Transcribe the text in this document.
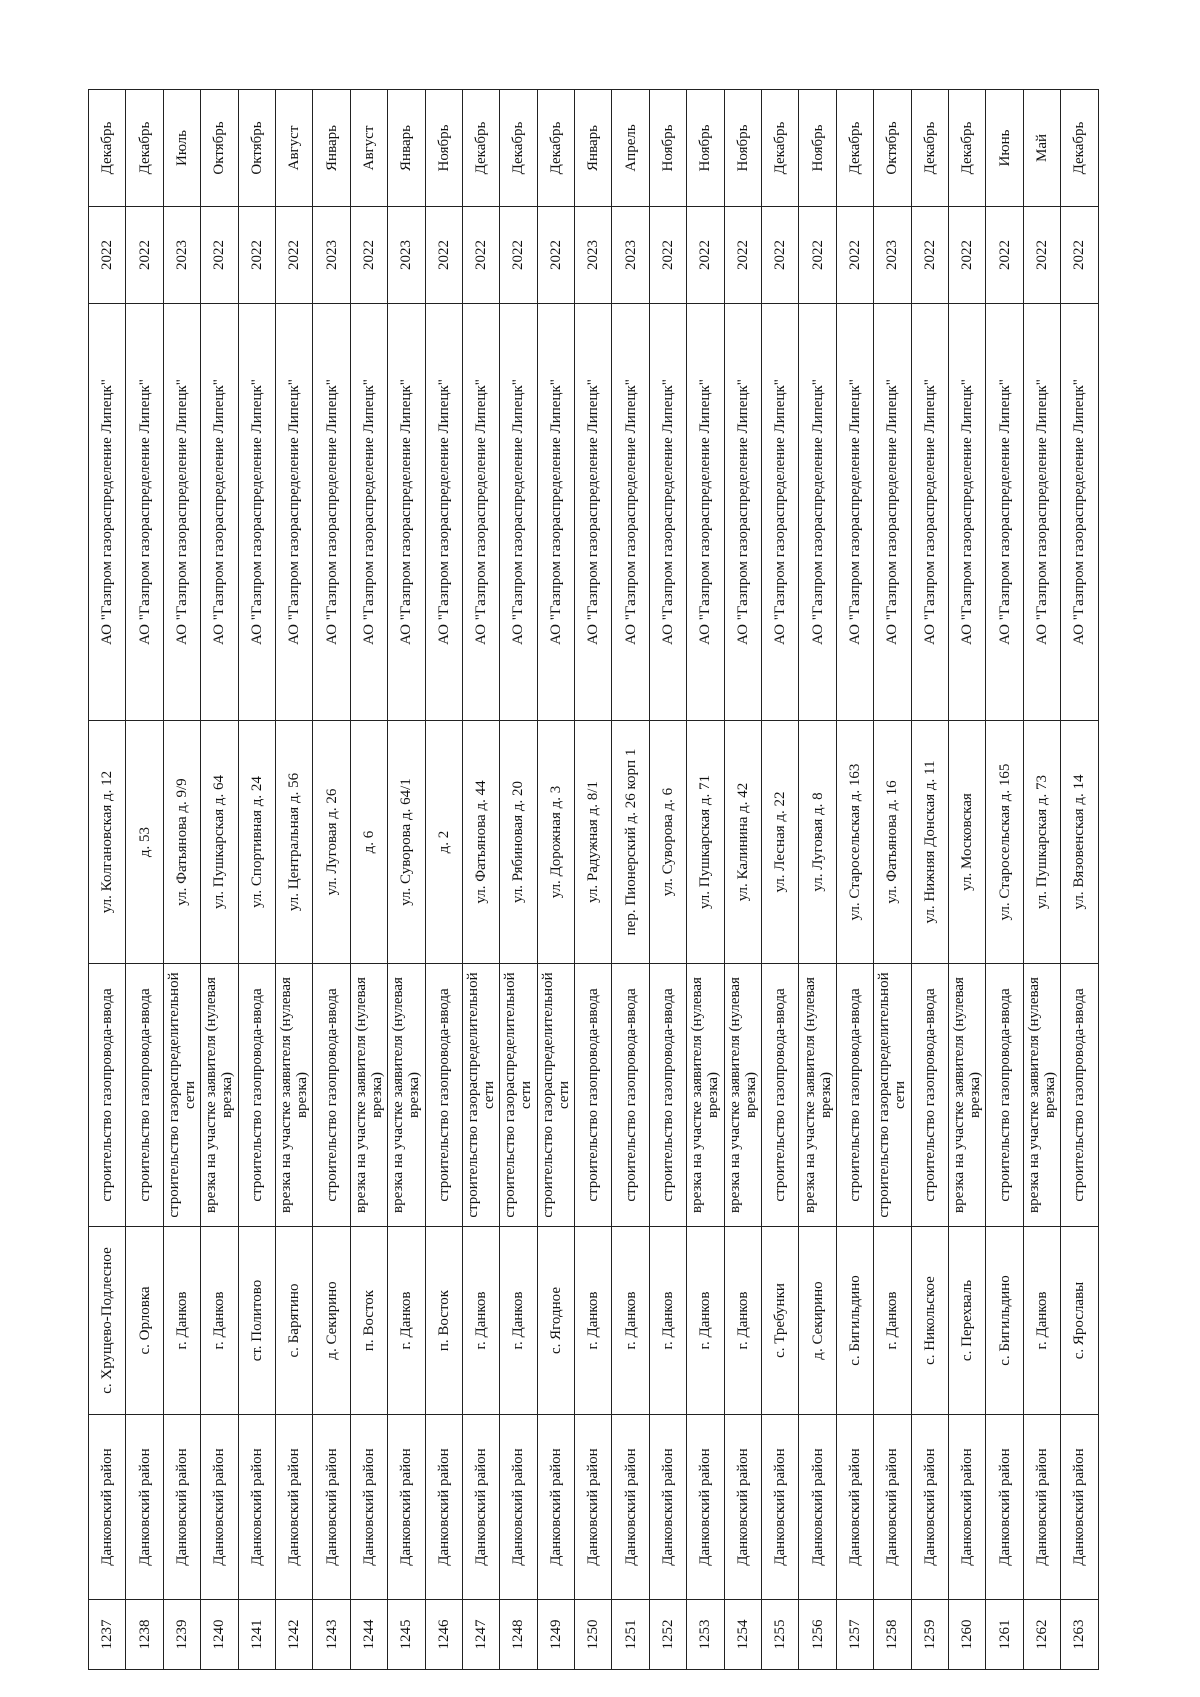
1237	Данковский район	с. Хрущево-Подлесное	строительство газопровода-ввода	ул. Колгановская д. 12	АО "Газпром газораспределение Липецк"	2022	Декабрь
1238	Данковский район	с. Орловка	строительство газопровода-ввода	д. 53	АО "Газпром газораспределение Липецк"	2022	Декабрь
1239	Данковский район	г. Данков	строительство газораспределительной сети	ул. Фатьянова д. 9/9	АО "Газпром газораспределение Липецк"	2023	Июль
1240	Данковский район	г. Данков	врезка на участке заявителя (нулевая врезка)	ул. Пушкарская д. 64	АО "Газпром газораспределение Липецк"	2022	Октябрь
1241	Данковский район	ст. Политово	строительство газопровода-ввода	ул. Спортивная д. 24	АО "Газпром газораспределение Липецк"	2022	Октябрь
1242	Данковский район	с. Барятино	врезка на участке заявителя (нулевая врезка)	ул. Центральная д. 56	АО "Газпром газораспределение Липецк"	2022	Август
1243	Данковский район	д. Секирино	строительство газопровода-ввода	ул. Луговая д. 26	АО "Газпром газораспределение Липецк"	2023	Январь
1244	Данковский район	п. Восток	врезка на участке заявителя (нулевая врезка)	д. 6	АО "Газпром газораспределение Липецк"	2022	Август
1245	Данковский район	г. Данков	врезка на участке заявителя (нулевая врезка)	ул. Суворова д. 64/1	АО "Газпром газораспределение Липецк"	2023	Январь
1246	Данковский район	п. Восток	строительство газопровода-ввода	д. 2	АО "Газпром газораспределение Липецк"	2022	Ноябрь
1247	Данковский район	г. Данков	строительство газораспределительной сети	ул. Фатьянова д. 44	АО "Газпром газораспределение Липецк"	2022	Декабрь
1248	Данковский район	г. Данков	строительство газораспределительной сети	ул. Рябиновая д. 20	АО "Газпром газораспределение Липецк"	2022	Декабрь
1249	Данковский район	с. Ягодное	строительство газораспределительной сети	ул. Дорожная д. 3	АО "Газпром газораспределение Липецк"	2022	Декабрь
1250	Данковский район	г. Данков	строительство газопровода-ввода	ул. Радужная д. 8/1	АО "Газпром газораспределение Липецк"	2023	Январь
1251	Данковский район	г. Данков	строительство газопровода-ввода	пер. Пионерский д. 26 корп 1	АО "Газпром газораспределение Липецк"	2023	Апрель
1252	Данковский район	г. Данков	строительство газопровода-ввода	ул. Суворова д. 6	АО "Газпром газораспределение Липецк"	2022	Ноябрь
1253	Данковский район	г. Данков	врезка на участке заявителя (нулевая врезка)	ул. Пушкарская д. 71	АО "Газпром газораспределение Липецк"	2022	Ноябрь
1254	Данковский район	г. Данков	врезка на участке заявителя (нулевая врезка)	ул. Калинина д. 42	АО "Газпром газораспределение Липецк"	2022	Ноябрь
1255	Данковский район	с. Требунки	строительство газопровода-ввода	ул. Лесная д. 22	АО "Газпром газораспределение Липецк"	2022	Декабрь
1256	Данковский район	д. Секирино	врезка на участке заявителя (нулевая врезка)	ул. Луговая д. 8	АО "Газпром газораспределение Липецк"	2022	Ноябрь
1257	Данковский район	с. Бигильдино	строительство газопровода-ввода	ул. Старосельская д. 163	АО "Газпром газораспределение Липецк"	2022	Декабрь
1258	Данковский район	г. Данков	строительство газораспределительной сети	ул. Фатьянова д. 16	АО "Газпром газораспределение Липецк"	2023	Октябрь
1259	Данковский район	с. Никольское	строительство газопровода-ввода	ул. Нижняя Донская д. 11	АО "Газпром газораспределение Липецк"	2022	Декабрь
1260	Данковский район	с. Перехваль	врезка на участке заявителя (нулевая врезка)	ул. Московская	АО "Газпром газораспределение Липецк"	2022	Декабрь
1261	Данковский район	с. Бигильдино	строительство газопровода-ввода	ул. Старосельская д. 165	АО "Газпром газораспределение Липецк"	2022	Июнь
1262	Данковский район	г. Данков	врезка на участке заявителя (нулевая врезка)	ул. Пушкарская д. 73	АО "Газпром газораспределение Липецк"	2022	Май
1263	Данковский район	с. Ярославы	строительство газопровода-ввода	ул. Вязовенская д. 14	АО "Газпром газораспределение Липецк"	2022	Декабрь
